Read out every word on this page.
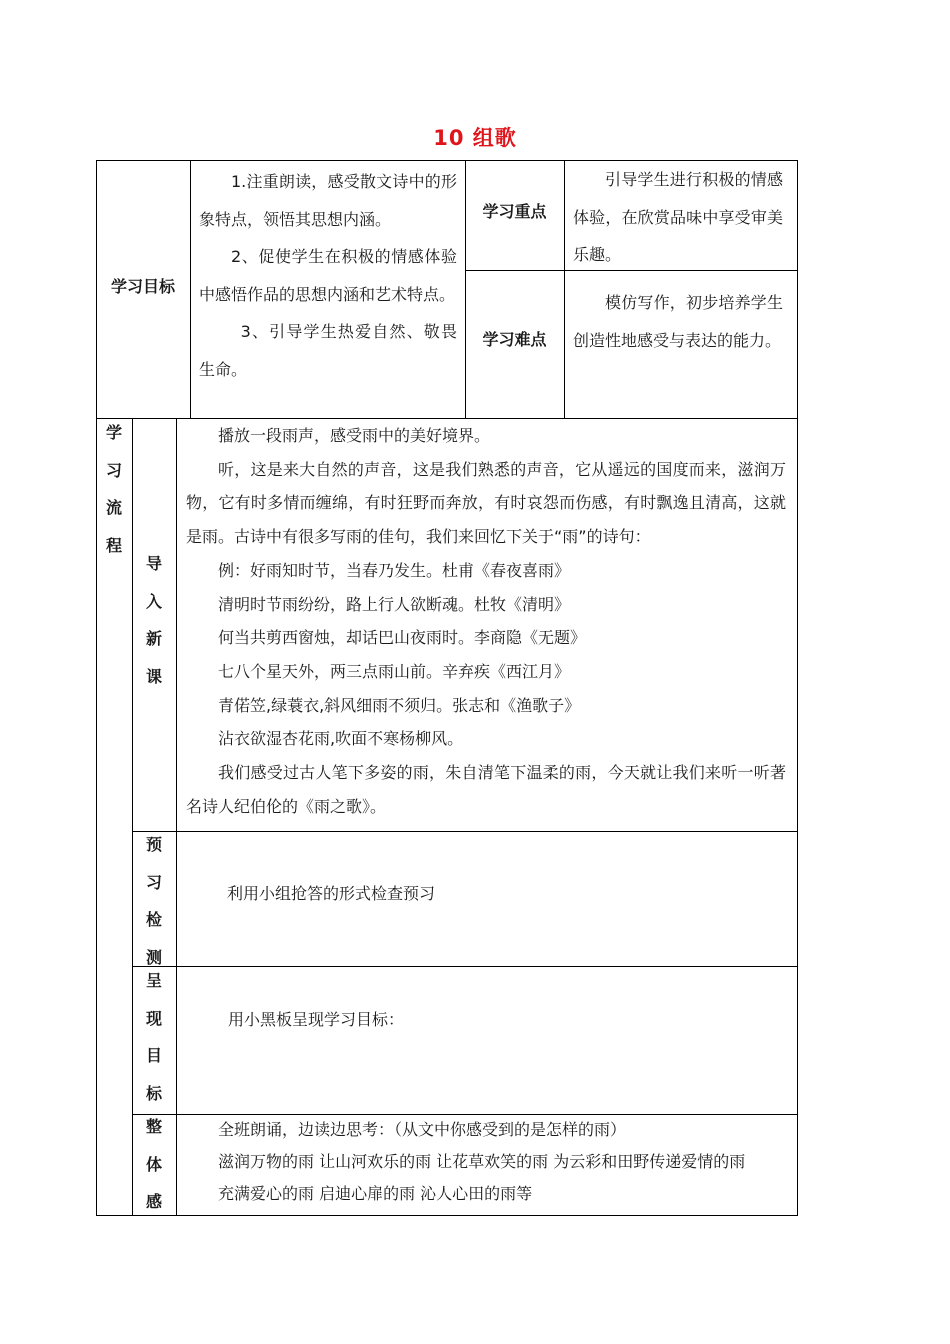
10 组歌
学习目标
1.注重朗读，感受散文诗中的形象特点，领悟其思想内涵。
2、促使学生在积极的情感体验中感悟作品的思想内涵和艺术特点。
3、引导学生热爱自然、敬畏生命。
学习重点
引导学生进行积极的情感体验，在欣赏品味中享受审美乐趣。
学习难点
模仿写作，初步培养学生创造性地感受与表达的能力。
学
习
流
程
导
入
新
课
播放一段雨声，感受雨中的美好境界。
听，这是来大自然的声音，这是我们熟悉的声音，它从遥远的国度而来，滋润万物，它有时多情而缠绵，有时狂野而奔放，有时哀怨而伤感，有时飘逸且清高，这就是雨。古诗中有很多写雨的佳句，我们来回忆下关于“雨”的诗句：
例：好雨知时节，当春乃发生。杜甫《春夜喜雨》
清明时节雨纷纷，路上行人欲断魂。杜牧《清明》
何当共剪西窗烛，却话巴山夜雨时。李商隐《无题》
七八个星天外，两三点雨山前。辛弃疾《西江月》
青偌笠,绿蓑衣,斜风细雨不须归。张志和《渔歌子》
沾衣欲湿杏花雨,吹面不寒杨柳风。
我们感受过古人笔下多姿的雨，朱自清笔下温柔的雨，今天就让我们来听一听著名诗人纪伯伦的《雨之歌》。
预
习
检
测
利用小组抢答的形式检查预习
呈
现
目
标
用小黑板呈现学习目标：
整
体
感
全班朗诵，边读边思考：（从文中你感受到的是怎样的雨）
滋润万物的雨 让山河欢乐的雨 让花草欢笑的雨 为云彩和田野传递爱情的雨
充满爱心的雨 启迪心扉的雨 沁人心田的雨等
